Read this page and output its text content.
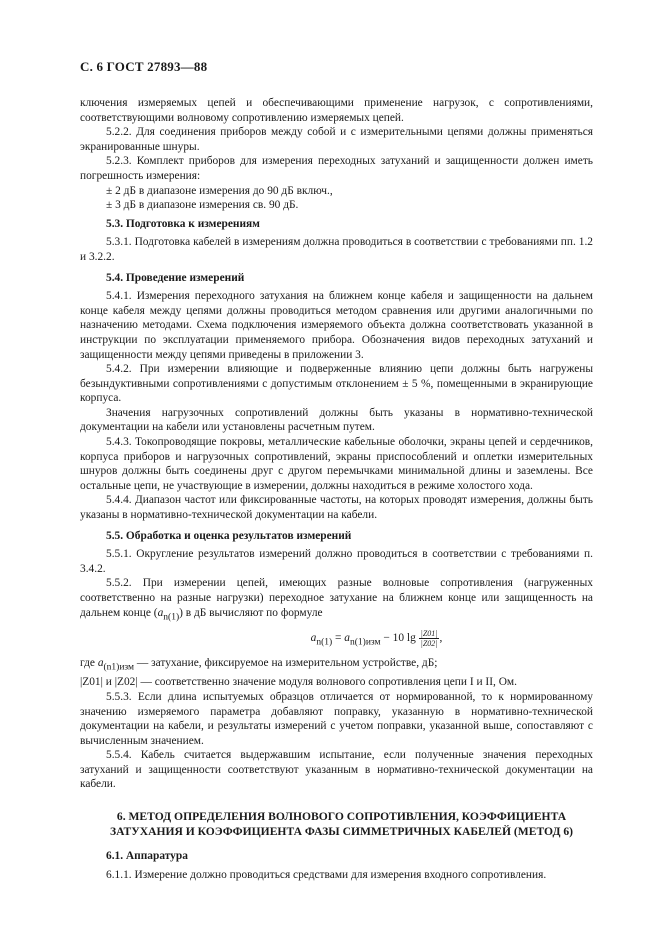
С. 6 ГОСТ 27893—88

ключения измеряемых цепей и обеспечивающими применение нагрузок, с сопротивлениями, соответствующими волновому сопротивлению измеряемых цепей.

5.2.2. Для соединения приборов между собой и с измерительными цепями должны применяться экранированные шнуры.

5.2.3. Комплект приборов для измерения переходных затуханий и защищенности должен иметь погрешность измерения:

± 2 дБ в диапазоне измерения до 90 дБ включ.,

± 3 дБ в диапазоне измерения св. 90 дБ.

5.3. Подготовка к измерениям

5.3.1. Подготовка кабелей в измерениям должна проводиться в соответствии с требованиями пп. 1.2 и 3.2.2.

5.4. Проведение измерений

5.4.1. Измерения переходного затухания на ближнем конце кабеля и защищенности на дальнем конце кабеля между цепями должны проводиться методом сравнения или другими аналогичными по назначению методами. Схема подключения измеряемого объекта должна соответствовать указанной в инструкции по эксплуатации применяемого прибора. Обозначения видов переходных затуханий и защищенности между цепями приведены в приложении 3.

5.4.2. При измерении влияющие и подверженные влиянию цепи должны быть нагружены безындуктивными сопротивлениями с допустимым отклонением ± 5 %, помещенными в экранирующие корпуса.

Значения нагрузочных сопротивлений должны быть указаны в нормативно-технической документации на кабели или установлены расчетным путем.

5.4.3. Токопроводящие покровы, металлические кабельные оболочки, экраны цепей и сердечников, корпуса приборов и нагрузочных сопротивлений, экраны приспособлений и оплетки измерительных шнуров должны быть соединены друг с другом перемычками минимальной длины и заземлены. Все остальные цепи, не участвующие в измерении, должны находиться в режиме холостого хода.

5.4.4. Диапазон частот или фиксированные частоты, на которых проводят измерения, должны быть указаны в нормативно-технической документации на кабели.

5.5. Обработка и оценка результатов измерений

5.5.1. Округление результатов измерений должно проводиться в соответствии с требованиями п. 3.4.2.

5.5.2. При измерении цепей, имеющих разные волновые сопротивления (нагруженных соответственно на разные нагрузки) переходное затухание на ближнем конце или защищенность на дальнем конце $(a_{n(1)})$ в дБ вычисляют по формуле

$a_{n(1)} = a_{n(1)изм} - 10$ $\lg \frac{|Z01|}{|Z02|}$ ,

где $a_{(n1)изм}$ — затухание, фиксируемое на измерительном устройстве, дБ;

|Z01| и |Z02| — соответственно значение модуля волнового сопротивления цепи I и II, Ом.

5.5.3. Если длина испытуемых образцов отличается от нормированной, то к нормированному значению измеряемого параметра добавляют поправку, указанную в нормативно-технической документации на кабели, и результаты измерений с учетом поправки, указанной выше, сопоставляют с вычисленным значением.

5.5.4. Кабель считается выдержавшим испытание, если полученные значения переходных затуханий и защищенности соответствуют указанным в нормативно-технической документации на кабели.

6. МЕТОД ОПРЕДЕЛЕНИЯ ВОЛНОВОГО СОПРОТИВЛЕНИЯ, КОЭФФИЦИЕНТА
ЗАТУХАНИЯ И КОЭФФИЦИЕНТА ФАЗЫ СИММЕТРИЧНЫХ КАБЕЛЕЙ (МЕТОД 6)

6.1. Аппаратура

6.1.1. Измерение должно проводиться средствами для измерения входного сопротивления.
